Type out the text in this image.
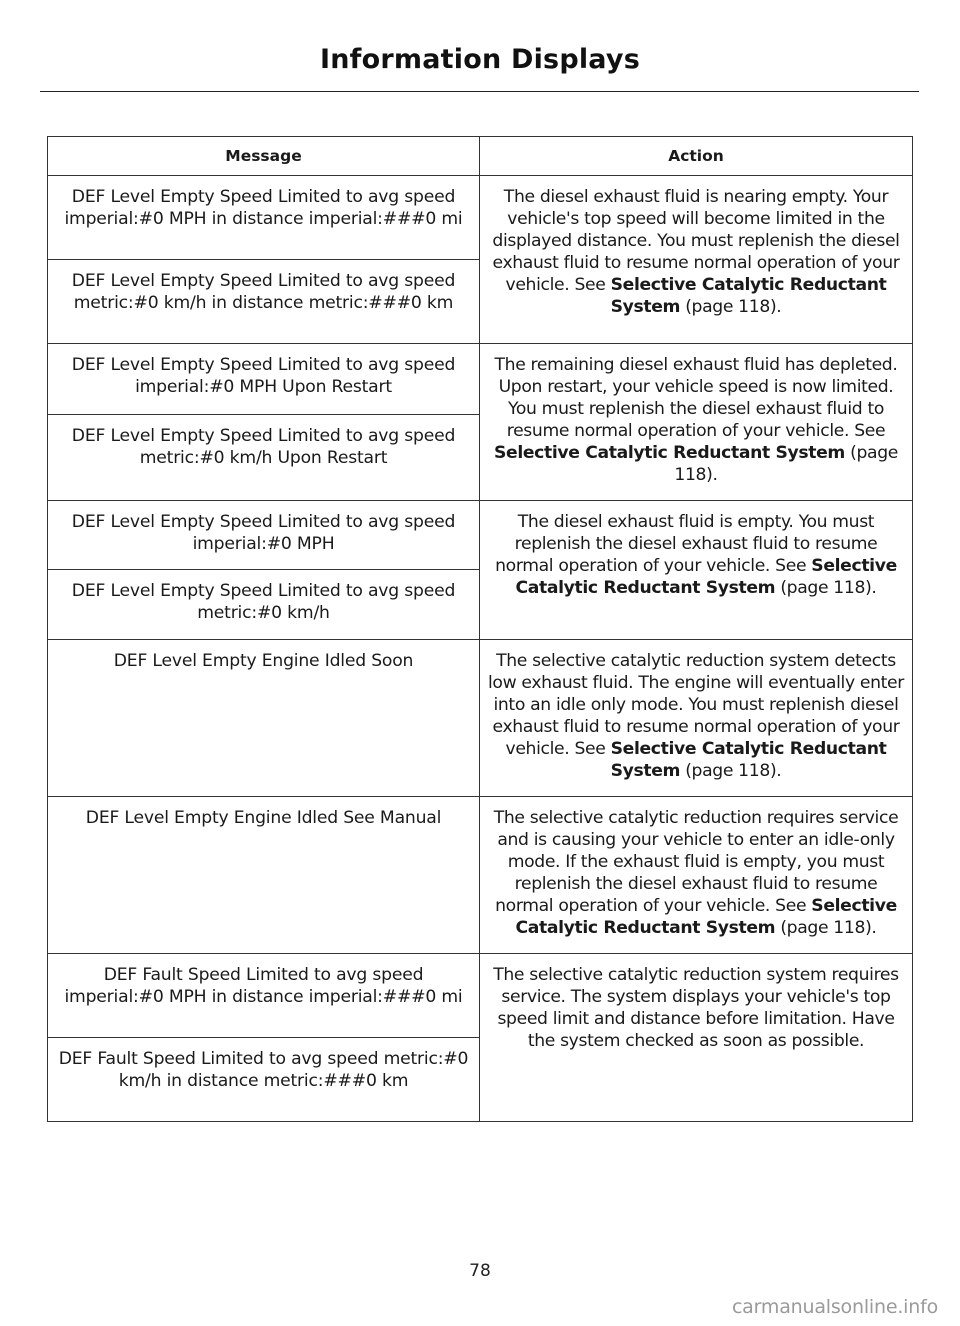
Information Displays
Message	Action
DEF Level Empty Speed Limited to avg speed imperial:#0 MPH in distance imperial:###0 mi	The diesel exhaust fluid is nearing empty. Your vehicle's top speed will become limited in the displayed distance. You must replenish the diesel exhaust fluid to resume normal operation of your vehicle. See Selective Catalytic Reductant System (page 118).
DEF Level Empty Speed Limited to avg speed metric:#0 km/h in distance metric:###0 km	
DEF Level Empty Speed Limited to avg speed imperial:#0 MPH Upon Restart	The remaining diesel exhaust fluid has depleted. Upon restart, your vehicle speed is now limited. You must replenish the diesel exhaust fluid to resume normal operation of your vehicle. See Selective Catalytic Reductant System (page 118).
DEF Level Empty Speed Limited to avg speed metric:#0 km/h Upon Restart	
DEF Level Empty Speed Limited to avg speed imperial:#0 MPH	The diesel exhaust fluid is empty. You must replenish the diesel exhaust fluid to resume normal operation of your vehicle. See Selective Catalytic Reductant System (page 118).
DEF Level Empty Speed Limited to avg speed metric:#0 km/h	
DEF Level Empty Engine Idled Soon	The selective catalytic reduction system detects low exhaust fluid. The engine will eventually enter into an idle only mode. You must replenish diesel exhaust fluid to resume normal operation of your vehicle. See Selective Catalytic Reductant System (page 118).
DEF Level Empty Engine Idled See Manual	The selective catalytic reduction requires service and is causing your vehicle to enter an idle-only mode. If the exhaust fluid is empty, you must replenish the diesel exhaust fluid to resume normal operation of your vehicle. See Selective Catalytic Reductant System (page 118).
DEF Fault Speed Limited to avg speed imperial:#0 MPH in distance imperial:###0 mi	The selective catalytic reduction system requires service. The system displays your vehicle's top speed limit and distance before limitation. Have the system checked as soon as possible.
DEF Fault Speed Limited to avg speed metric:#0 km/h in distance metric:###0 km	
78
carmanualsonline.info
